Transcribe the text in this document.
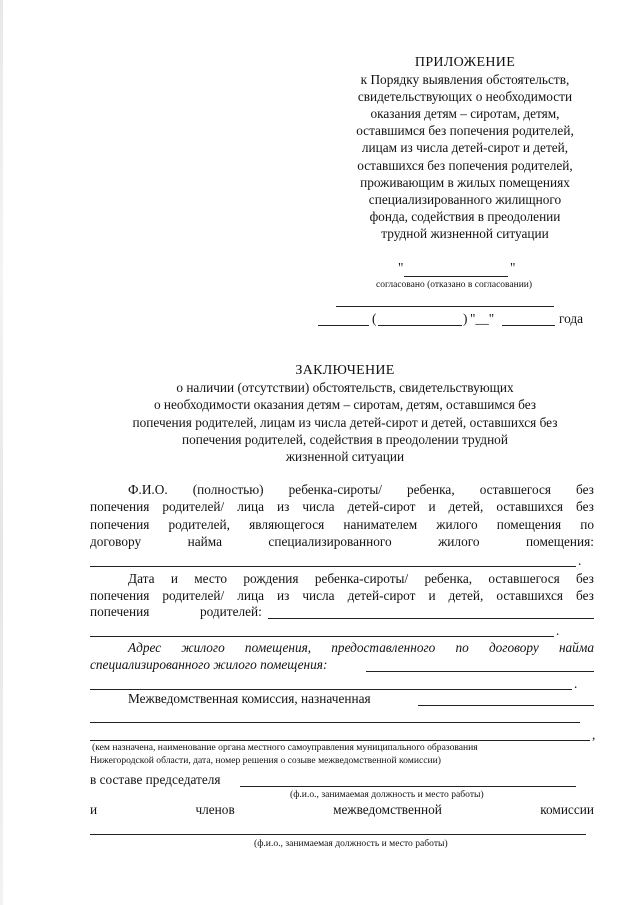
ПРИЛОЖЕНИЕ
к Порядку выявления обстоятельств,
свидетельствующих о необходимости
оказания детям – сиротам, детям,
оставшимся без попечения родителей,
лицам из числа детей-сирот и детей,
оставшихся без попечения родителей,
проживающим в жилых помещениях
специализированного жилищного
фонда, содействия в преодолении
трудной жизненной ситуации
"	"
согласовано (отказано в согласовании)
(	) "__"	года
ЗАКЛЮЧЕНИЕ
о наличии (отсутствии) обстоятельств, свидетельствующих
о необходимости оказания детям – сиротам, детям, оставшимся без
попечения родителей, лицам из числа детей-сирот и детей, оставшихся без
попечения родителей, содействия в преодолении трудной
жизненной ситуации
Ф.И.О. (полностью) ребенка-сироты/ ребенка, оставшегося без
попечения родителей/ лица из числа детей-сирот и детей, оставшихся без
попечения родителей, являющегося нанимателем жилого помещения по
договору	найма	специализированного	жилого	помещения:
.
Дата и место рождения ребенка-сироты/ ребенка, оставшегося без
попечения родителей/ лица из числа детей-сирот и детей, оставшихся без
попечения	родителей:
.
Адрес жилого помещения, предоставленного по договору найма
специализированного жилого помещения:
.
Межведомственная комиссия, назначенная
,
(кем назначена, наименование органа местного самоуправления муниципального образования
Нижегородской области, дата, номер решения о созыве межведомственной комиссии)
в составе председателя
(ф.и.о., занимаемая должность и место работы)
и	членов	межведомственной	комиссии
(ф.и.о., занимаемая должность и место работы)
